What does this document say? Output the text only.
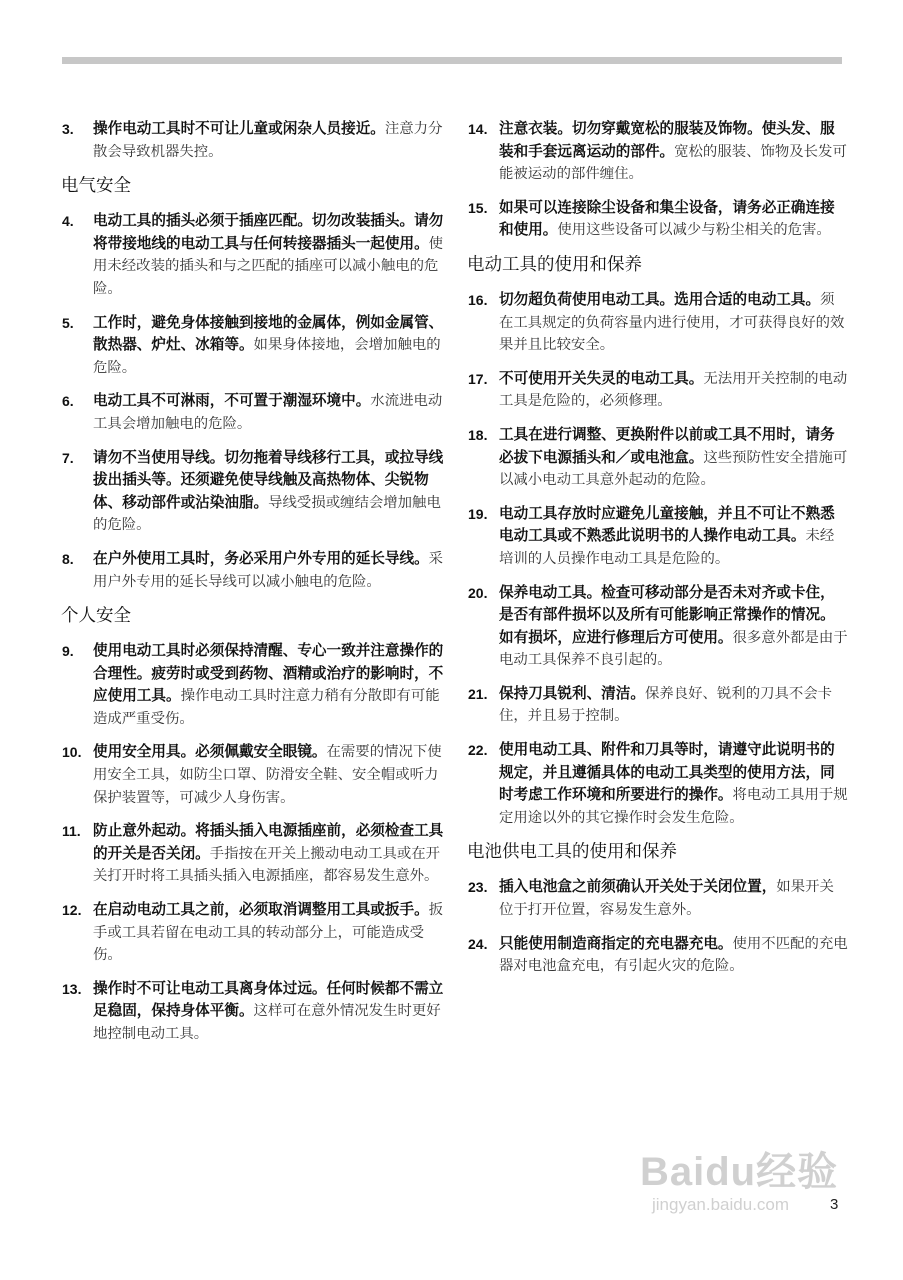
3.	操作电动工具时不可让儿童或闲杂人员接近。注意力分散会导致机器失控。
电气安全
4.	电动工具的插头必须于插座匹配。切勿改装插头。请勿将带接地线的电动工具与任何转接器插头一起使用。使用未经改装的插头和与之匹配的插座可以减小触电的危险。
5.	工作时，避免身体接触到接地的金属体，例如金属管、散热器、炉灶、冰箱等。如果身体接地，会增加触电的危险。
6.	电动工具不可淋雨，不可置于潮湿环境中。水流进电动工具会增加触电的危险。
7.	请勿不当使用导线。切勿拖着导线移行工具，或拉导线拔出插头等。还须避免使导线触及高热物体、尖锐物体、移动部件或沾染油脂。导线受损或缠结会增加触电的危险。
8.	在户外使用工具时，务必采用户外专用的延长导线。采用户外专用的延长导线可以减小触电的危险。
个人安全
9.	使用电动工具时必须保持清醒、专心一致并注意操作的合理性。疲劳时或受到药物、酒精或治疗的影响时，不应使用工具。操作电动工具时注意力稍有分散即有可能造成严重受伤。
10. 使用安全用具。必须佩戴安全眼镜。在需要的情况下使用安全工具，如防尘口罩、防滑安全鞋、安全帽或听力保护装置等，可减少人身伤害。
11. 防止意外起动。将插头插入电源插座前，必须检查工具的开关是否关闭。手指按在开关上搬动电动工具或在开关打开时将工具插头插入电源插座，都容易发生意外。
12. 在启动电动工具之前，必须取消调整用工具或扳手。扳手或工具若留在电动工具的转动部分上，可能造成受伤。
13. 操作时不可让电动工具离身体过远。任何时候都不需立足稳固，保持身体平衡。这样可在意外情况发生时更好地控制电动工具。
14. 注意衣装。切勿穿戴宽松的服装及饰物。使头发、服装和手套远离运动的部件。宽松的服装、饰物及长发可能被运动的部件缠住。
15. 如果可以连接除尘设备和集尘设备，请务必正确连接和使用。使用这些设备可以减少与粉尘相关的危害。
电动工具的使用和保养
16. 切勿超负荷使用电动工具。选用合适的电动工具。须在工具规定的负荷容量内进行使用，才可获得良好的效果并且比较安全。
17. 不可使用开关失灵的电动工具。无法用开关控制的电动工具是危险的，必须修理。
18. 工具在进行调整、更换附件以前或工具不用时，请务必拔下电源插头和／或电池盒。这些预防性安全措施可以减小电动工具意外起动的危险。
19. 电动工具存放时应避免儿童接触，并且不可让不熟悉电动工具或不熟悉此说明书的人操作电动工具。未经培训的人员操作电动工具是危险的。
20. 保养电动工具。检查可移动部分是否未对齐或卡住，是否有部件损坏以及所有可能影响正常操作的情况。如有损坏，应进行修理后方可使用。很多意外都是由于电动工具保养不良引起的。
21. 保持刀具锐利、清洁。保养良好、锐利的刀具不会卡住，并且易于控制。
22. 使用电动工具、附件和刀具等时，请遵守此说明书的规定，并且遵循具体的电动工具类型的使用方法，同时考虑工作环境和所要进行的操作。将电动工具用于规定用途以外的其它操作时会发生危险。
电池供电工具的使用和保养
23. 插入电池盒之前须确认开关处于关闭位置，如果开关位于打开位置，容易发生意外。
24. 只能使用制造商指定的充电器充电。使用不匹配的充电器对电池盒充电，有引起火灾的危险。
3
Baidu经验
jingyan.baidu.com
